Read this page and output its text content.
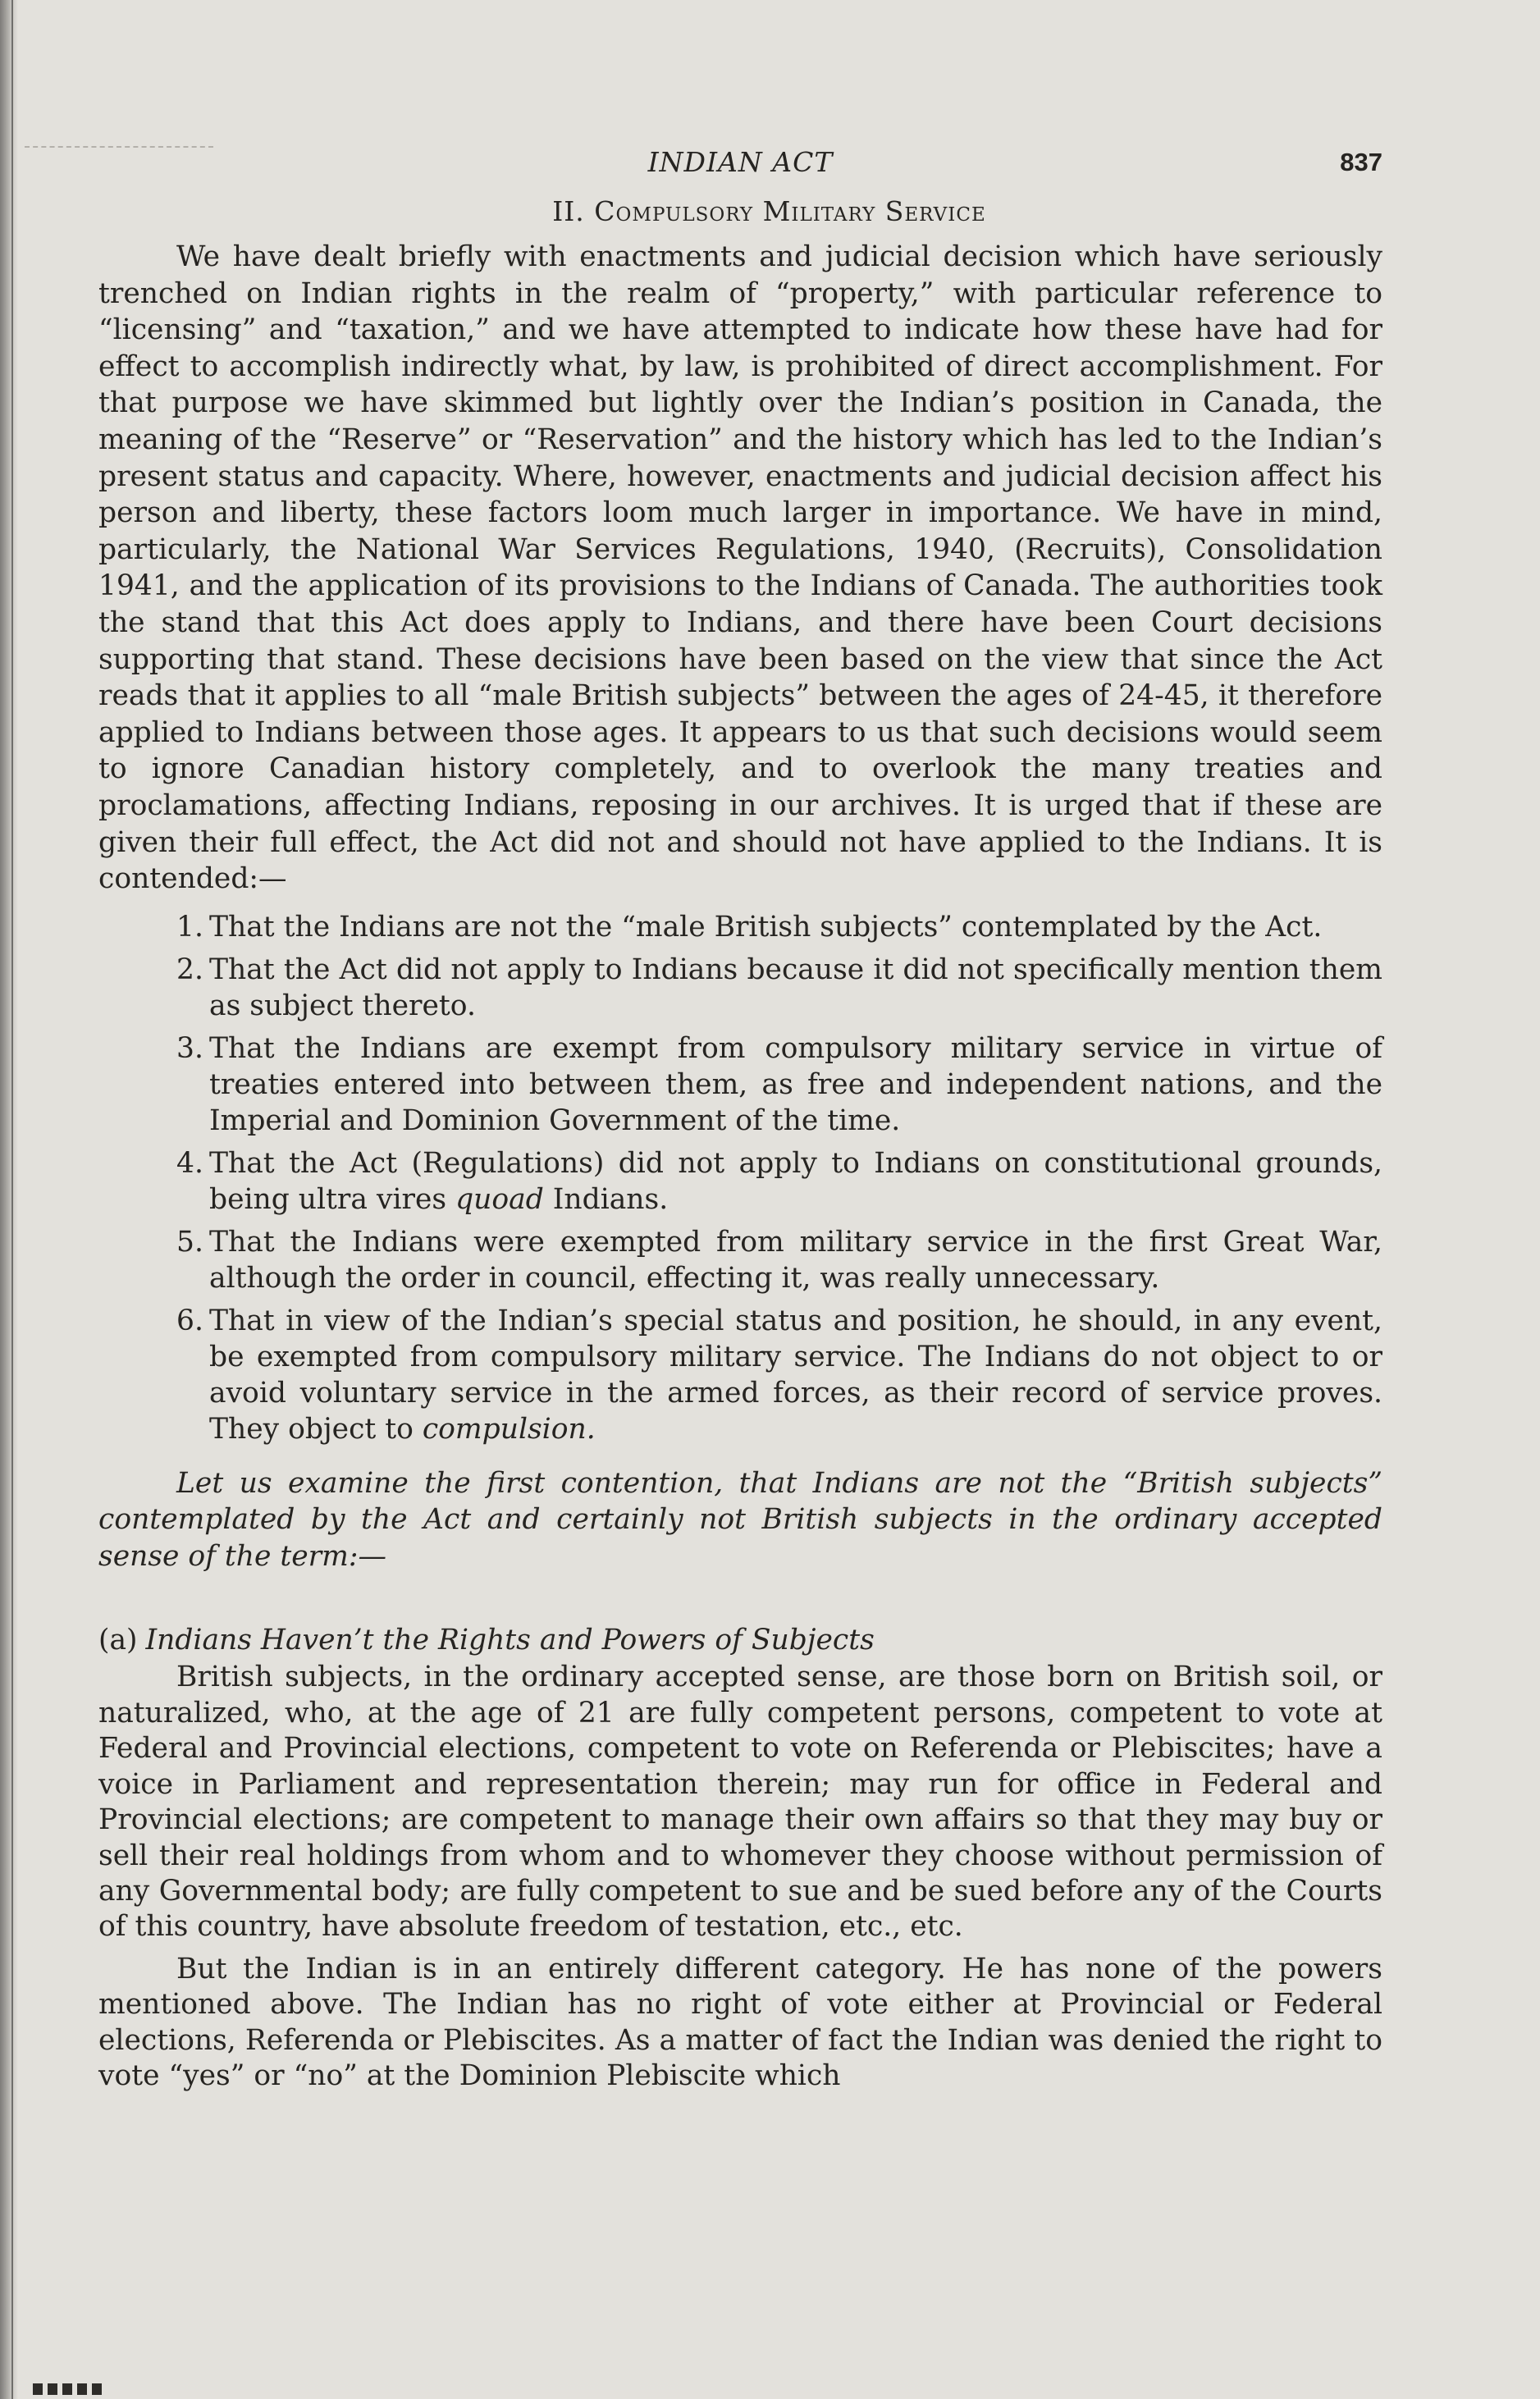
INDIAN ACT	837
II. Compulsory Military Service

We have dealt briefly with enactments and judicial decision which have seriously trenched on Indian rights in the realm of “property,” with particular reference to “licensing” and “taxation,” and we have attempted to indicate how these have had for effect to accomplish indirectly what, by law, is prohibited of direct accomplishment. For that purpose we have skimmed but lightly over the Indian’s position in Canada, the meaning of the “Reserve” or “Reservation” and the history which has led to the Indian’s present status and capacity. Where, however, enactments and judicial decision affect his person and liberty, these factors loom much larger in importance. We have in mind, particularly, the National War Services Regulations, 1940, (Recruits), Consolidation 1941, and the application of its provisions to the Indians of Canada. The authorities took the stand that this Act does apply to Indians, and there have been Court decisions supporting that stand. These decisions have been based on the view that since the Act reads that it applies to all “male British subjects” between the ages of 24-45, it therefore applied to Indians between those ages. It appears to us that such decisions would seem to ignore Canadian history completely, and to overlook the many treaties and proclamations, affecting Indians, reposing in our archives. It is urged that if these are given their full effect, the Act did not and should not have applied to the Indians. It is contended:—

1. That the Indians are not the “male British subjects” contemplated by the Act.
2. That the Act did not apply to Indians because it did not specifically mention them as subject thereto.
3. That the Indians are exempt from compulsory military service in virtue of treaties entered into between them, as free and independent nations, and the Imperial and Dominion Government of the time.
4. That the Act (Regulations) did not apply to Indians on constitutional grounds, being ultra vires quoad Indians.
5. That the Indians were exempted from military service in the first Great War, although the order in council, effecting it, was really unnecessary.
6. That in view of the Indian’s special status and position, he should, in any event, be exempted from compulsory military service. The Indians do not object to or avoid voluntary service in the armed forces, as their record of service proves. They object to compulsion.

Let us examine the first contention, that Indians are not the “British subjects” contemplated by the Act and certainly not British subjects in the ordinary accepted sense of the term:—

(a) Indians Haven’t the Rights and Powers of Subjects

British subjects, in the ordinary accepted sense, are those born on British soil, or naturalized, who, at the age of 21 are fully competent persons, competent to vote at Federal and Provincial elections, competent to vote on Referenda or Plebiscites; have a voice in Parliament and representation therein; may run for office in Federal and Provincial elections; are competent to manage their own affairs so that they may buy or sell their real holdings from whom and to whomever they choose without permission of any Governmental body; are fully competent to sue and be sued before any of the Courts of this country, have absolute freedom of testation, etc., etc.

But the Indian is in an entirely different category. He has none of the powers mentioned above. The Indian has no right of vote either at Provincial or Federal elections, Referenda or Plebiscites. As a matter of fact the Indian was denied the right to vote “yes” or “no” at the Dominion Plebiscite which
